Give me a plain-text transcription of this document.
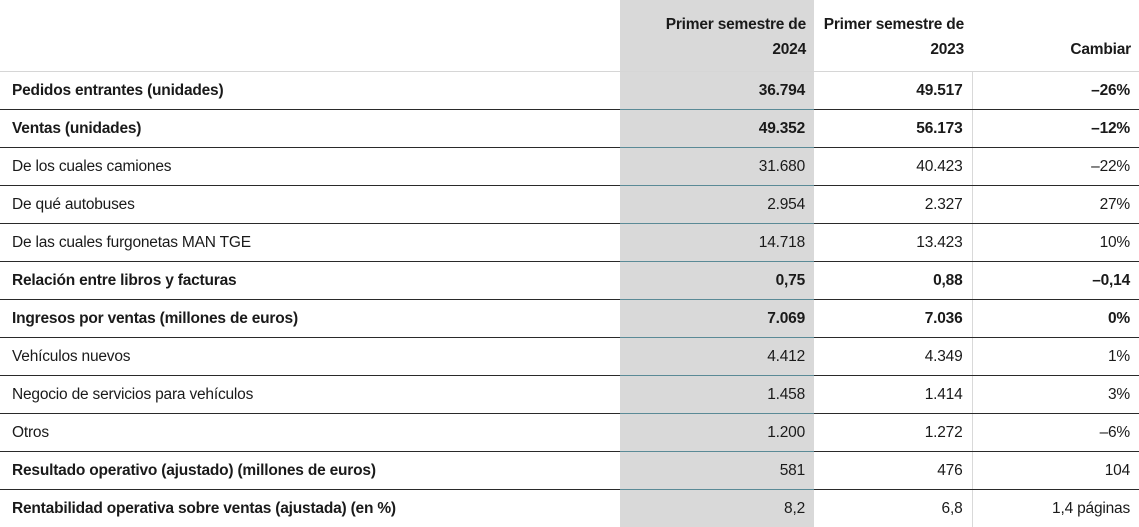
	Primer semestre de 2024	Primer semestre de 2023	Cambiar
Pedidos entrantes (unidades)	36.794	49.517	–26%
Ventas (unidades)	49.352	56.173	–12%
De los cuales camiones	31.680	40.423	–22%
De qué autobuses	2.954	2.327	27%
De las cuales furgonetas MAN TGE	14.718	13.423	10%
Relación entre libros y facturas	0,75	0,88	–0,14
Ingresos por ventas (millones de euros)	7.069	7.036	0%
Vehículos nuevos	4.412	4.349	1%
Negocio de servicios para vehículos	1.458	1.414	3%
Otros	1.200	1.272	–6%
Resultado operativo (ajustado) (millones de euros)	581	476	104
Rentabilidad operativa sobre ventas (ajustada) (en %)	8,2	6,8	1,4 páginas
